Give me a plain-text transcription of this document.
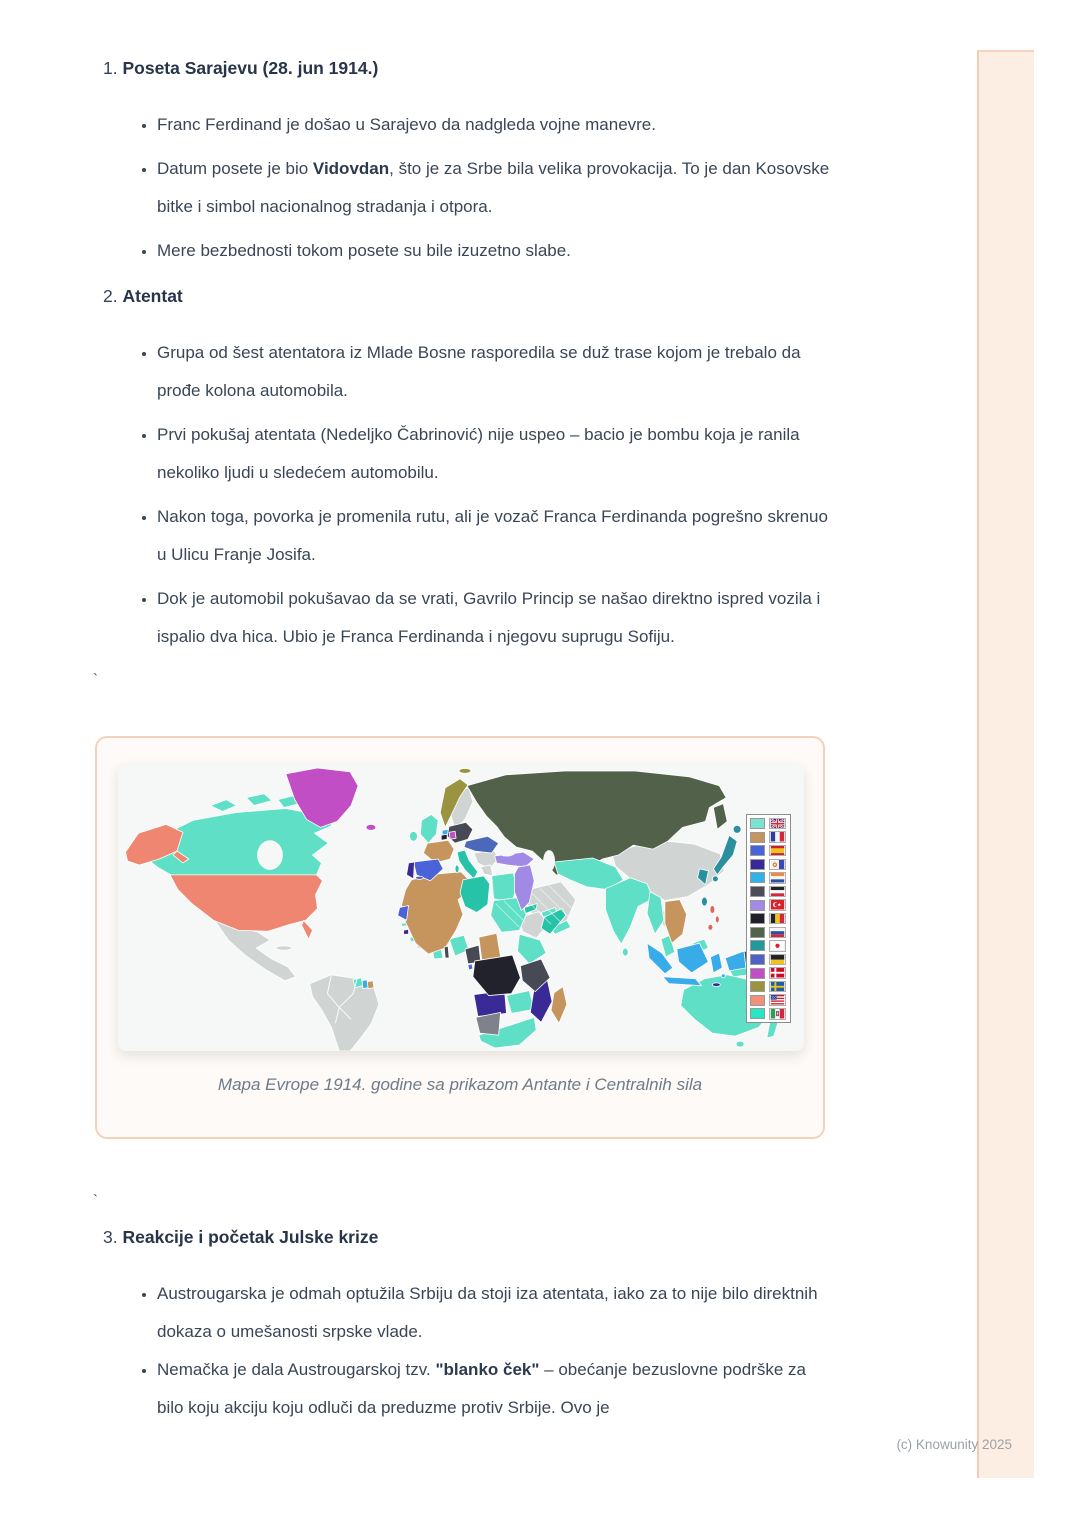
1. Poseta Sarajevu (28. jun 1914.)
• Franc Ferdinand je došao u Sarajevo da nadgleda vojne manevre.
• Datum posete je bio Vidovdan, što je za Srbe bila velika provokacija. To je dan Kosovske bitke i simbol nacionalnog stradanja i otpora.
• Mere bezbednosti tokom posete su bile izuzetno slabe.
2. Atentat
• Grupa od šest atentatora iz Mlade Bosne rasporedila se duž trase kojom je trebalo da prođe kolona automobila.
• Prvi pokušaj atentata (Nedeljko Čabrinović) nije uspeo – bacio je bombu koja je ranila nekoliko ljudi u sledećem automobilu.
• Nakon toga, povorka je promenila rutu, ali je vozač Franca Ferdinanda pogrešno skrenuo u Ulicu Franje Josifa.
• Dok je automobil pokušavao da se vrati, Gavrilo Princip se našao direktno ispred vozila i ispalio dva hica. Ubio je Franca Ferdinanda i njegovu suprugu Sofiju.
`
Mapa Evrope 1914. godine sa prikazom Antante i Centralnih sila
`
3. Reakcije i početak Julske krize
• Austrougarska je odmah optužila Srbiju da stoji iza atentata, iako za to nije bilo direktnih dokaza o umešanosti srpske vlade.
• Nemačka je dala Austrougarskoj tzv. "blanko ček" – obećanje bezuslovne podrške za bilo koju akciju koju odluči da preduzme protiv Srbije. Ovo je
(c) Knowunity 2025
